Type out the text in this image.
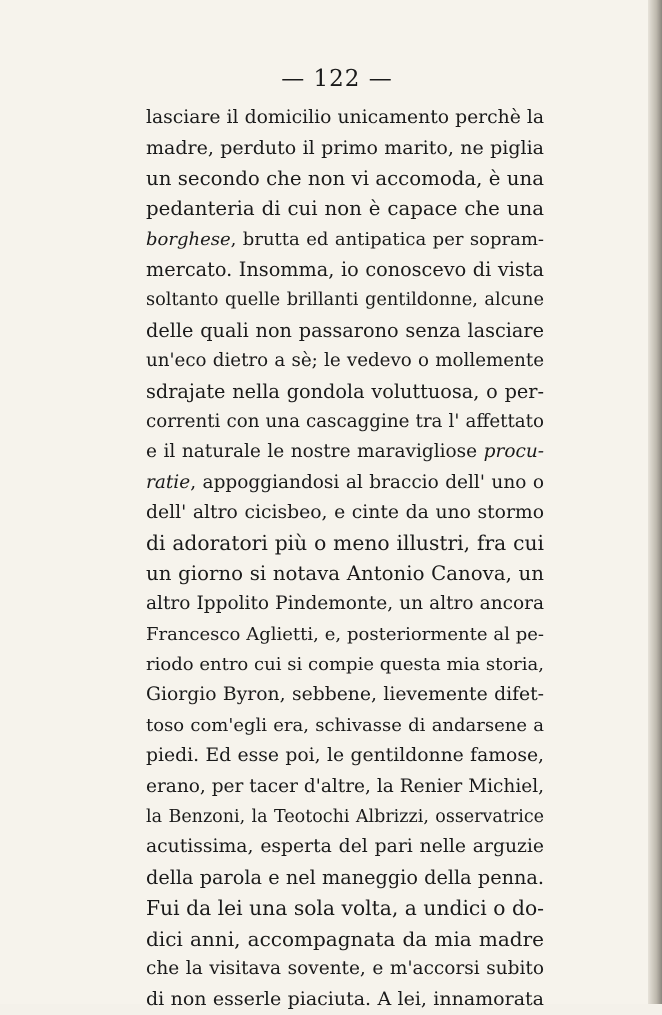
— 122 —
lasciare il domicilio unicamento perchè la
madre, perduto il primo marito, ne piglia
un secondo che non vi accomoda, è una
pedanteria di cui non è capace che una
borghese, brutta ed antipatica per sopram-
mercato. Insomma, io conoscevo di vista
soltanto quelle brillanti gentildonne, alcune
delle quali non passarono senza lasciare
un'eco dietro a sè; le vedevo o mollemente
sdrajate nella gondola voluttuosa, o per-
correnti con una cascaggine tra l' affettato
e il naturale le nostre maravigliose procu-
ratie, appoggiandosi al braccio dell' uno o
dell' altro cicisbeo, e cinte da uno stormo
di adoratori più o meno illustri, fra cui
un giorno si notava Antonio Canova, un
altro Ippolito Pindemonte, un altro ancora
Francesco Aglietti, e, posteriormente al pe-
riodo entro cui si compie questa mia storia,
Giorgio Byron, sebbene, lievemente difet-
toso com'egli era, schivasse di andarsene a
piedi. Ed esse poi, le gentildonne famose,
erano, per tacer d'altre, la Renier Michiel,
la Benzoni, la Teotochi Albrizzi, osservatrice
acutissima, esperta del pari nelle arguzie
della parola e nel maneggio della penna.
Fui da lei una sola volta, a undici o do-
dici anni, accompagnata da mia madre
che la visitava sovente, e m'accorsi subito
di non esserle piaciuta. A lei, innamorata
